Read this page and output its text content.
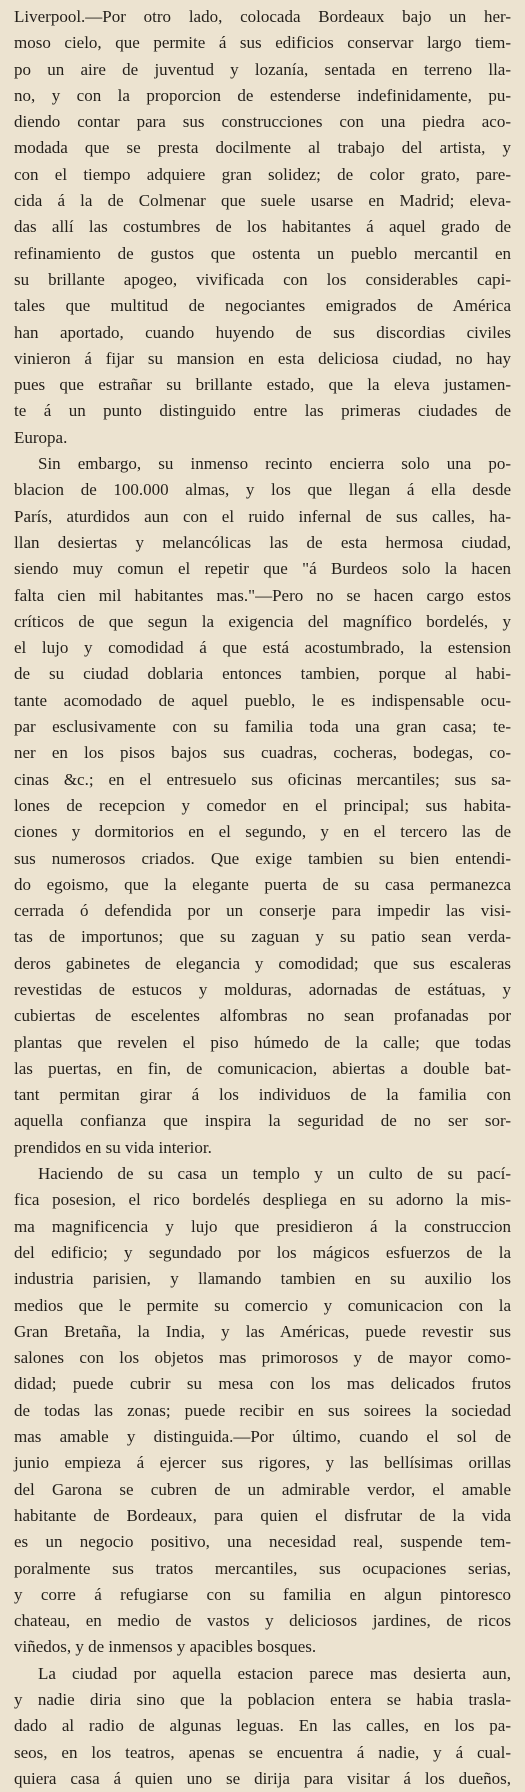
Liverpool.—Por otro lado, colocada Bordeaux bajo un her-
moso cielo, que permite á sus edificios conservar largo tiem-
po un aire de juventud y lozanía, sentada en terreno lla-
no, y con la proporcion de estenderse indefinidamente, pu-
diendo contar para sus construcciones con una piedra aco-
modada que se presta docilmente al trabajo del artista, y
con el tiempo adquiere gran solidez; de color grato, pare-
cida á la de Colmenar que suele usarse en Madrid; eleva-
das allí las costumbres de los habitantes á aquel grado de
refinamiento de gustos que ostenta un pueblo mercantil en
su brillante apogeo, vivificada con los considerables capi-
tales que multitud de negociantes emigrados de América
han aportado, cuando huyendo de sus discordias civiles
vinieron á fijar su mansion en esta deliciosa ciudad, no hay
pues que estrañar su brillante estado, que la eleva justamen-
te á un punto distinguido entre las primeras ciudades de
Europa.
Sin embargo, su inmenso recinto encierra solo una po-
blacion de 100.000 almas, y los que llegan á ella desde
París, aturdidos aun con el ruido infernal de sus calles, ha-
llan desiertas y melancólicas las de esta hermosa ciudad,
siendo muy comun el repetir que "á Burdeos solo la hacen
falta cien mil habitantes mas."—Pero no se hacen cargo estos
críticos de que segun la exigencia del magnífico bordelés, y
el lujo y comodidad á que está acostumbrado, la estension
de su ciudad doblaria entonces tambien, porque al habi-
tante acomodado de aquel pueblo, le es indispensable ocu-
par esclusivamente con su familia toda una gran casa; te-
ner en los pisos bajos sus cuadras, cocheras, bodegas, co-
cinas &c.; en el entresuelo sus oficinas mercantiles; sus sa-
lones de recepcion y comedor en el principal; sus habita-
ciones y dormitorios en el segundo, y en el tercero las de
sus numerosos criados. Que exige tambien su bien entendi-
do egoismo, que la elegante puerta de su casa permanezca
cerrada ó defendida por un conserje para impedir las visi-
tas de importunos; que su zaguan y su patio sean verda-
deros gabinetes de elegancia y comodidad; que sus escaleras
revestidas de estucos y molduras, adornadas de estátuas, y
cubiertas de escelentes alfombras no sean profanadas por
plantas que revelen el piso húmedo de la calle; que todas
las puertas, en fin, de comunicacion, abiertas a double bat-
tant permitan girar á los individuos de la familia con
aquella confianza que inspira la seguridad de no ser sor-
prendidos en su vida interior.
Haciendo de su casa un templo y un culto de su pací-
fica posesion, el rico bordelés despliega en su adorno la mis-
ma magnificencia y lujo que presidieron á la construccion
del edificio; y segundado por los mágicos esfuerzos de la
industria parisien, y llamando tambien en su auxilio los
medios que le permite su comercio y comunicacion con la
Gran Bretaña, la India, y las Américas, puede revestir sus
salones con los objetos mas primorosos y de mayor como-
didad; puede cubrir su mesa con los mas delicados frutos
de todas las zonas; puede recibir en sus soirees la sociedad
mas amable y distinguida.—Por último, cuando el sol de
junio empieza á ejercer sus rigores, y las bellísimas orillas
del Garona se cubren de un admirable verdor, el amable
habitante de Bordeaux, para quien el disfrutar de la vida
es un negocio positivo, una necesidad real, suspende tem-
poralmente sus tratos mercantiles, sus ocupaciones serias,
y corre á refugiarse con su familia en algun pintoresco
chateau, en medio de vastos y deliciosos jardines, de ricos
viñedos, y de inmensos y apacibles bosques.
La ciudad por aquella estacion parece mas desierta aun,
y nadie diria sino que la poblacion entera se habia trasla-
dado al radio de algunas leguas. En las calles, en los pa-
seos, en los teatros, apenas se encuentra á nadie, y á cual-
quiera casa á quien uno se dirija para visitar á los dueños,
